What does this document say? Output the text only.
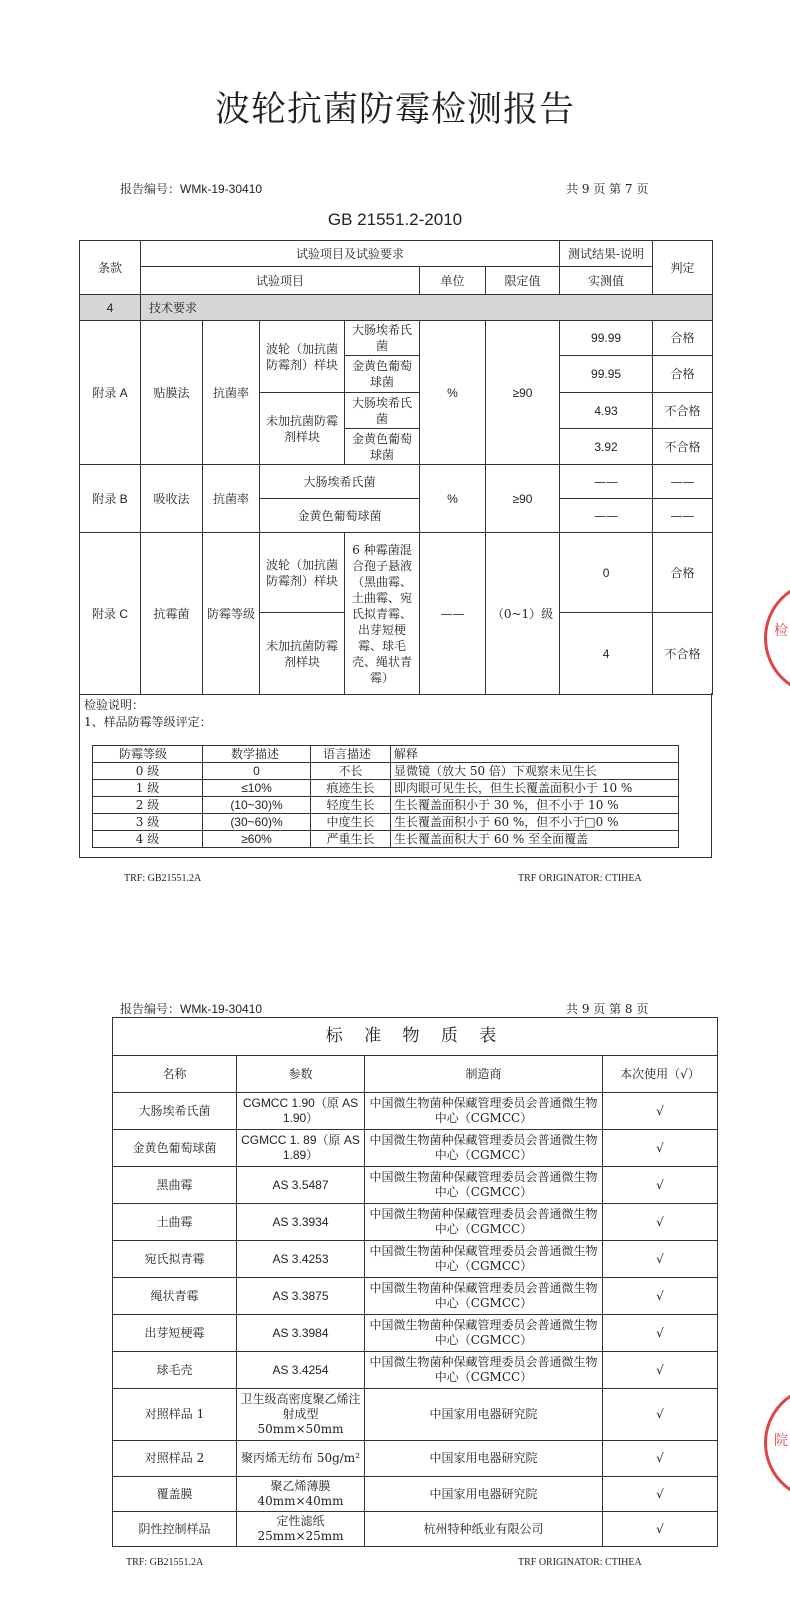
波轮抗菌防霉检测报告
报告编号：WMk-19-30410	共 9 页 第 7 页
GB 21551.2-2010
条款	试验项目及试验要求						测试结果-说明	判定
	试验项目				单位	限定值	实测值	
4	技术要求							
附录 A	贴膜法	抗菌率	波轮（加抗菌防霉剂）样块	大肠埃希氏菌	%	≥90	99.99	合格
				金黄色葡萄球菌			99.95	合格
			未加抗菌防霉剂样块	大肠埃希氏菌			4.93	不合格
				金黄色葡萄球菌			3.92	不合格
附录 B	吸收法	抗菌率	大肠埃希氏菌		%	≥90	——	——
			金黄色葡萄球菌				——	——
附录 C	抗霉菌	防霉等级	波轮（加抗菌防霉剂）样块	6 种霉菌混合孢子悬液（黑曲霉、土曲霉、宛氏拟青霉、出芽短梗霉、球毛壳、绳状青霉）	——	（0~1）级	0	合格
			未加抗菌防霉剂样块				4	不合格
检验说明：
1、样品防霉等级评定：
防霉等级	数学描述	语言描述	解释
0 级	0	不长	显微镜（放大 50 倍）下观察未见生长
1 级	≤10%	痕迹生长	即肉眼可见生长，但生长覆盖面积小于 10 %
2 级	(10~30)%	轻度生长	生长覆盖面积小于 30 %，但不小于 10 %
3 级	(30~60)%	中度生长	生长覆盖面积小于 60 %，但不小于□0 %
4 级	≥60%	严重生长	生长覆盖面积大于 60 % 至全面覆盖
TRF: GB21551.2A	TRF ORIGINATOR: CTIHEA
检
院
报告编号：WMk-19-30410	共 9 页 第 8 页
标 准 物 质 表			
名称	参数	制造商	本次使用（√）
大肠埃希氏菌	CGMCC 1.90（原 AS 1.90）	中国微生物菌种保藏管理委员会普通微生物中心（CGMCC）	√
金黄色葡萄球菌	CGMCC 1. 89（原 AS 1.89）	中国微生物菌种保藏管理委员会普通微生物中心（CGMCC）	√
黑曲霉	AS 3.5487	中国微生物菌种保藏管理委员会普通微生物中心（CGMCC）	√
土曲霉	AS 3.3934	中国微生物菌种保藏管理委员会普通微生物中心（CGMCC）	√
宛氏拟青霉	AS 3.4253	中国微生物菌种保藏管理委员会普通微生物中心（CGMCC）	√
绳状青霉	AS 3.3875	中国微生物菌种保藏管理委员会普通微生物中心（CGMCC）	√
出芽短梗霉	AS 3.3984	中国微生物菌种保藏管理委员会普通微生物中心（CGMCC）	√
球毛壳	AS 3.4254	中国微生物菌种保藏管理委员会普通微生物中心（CGMCC）	√
对照样品 1	卫生级高密度聚乙烯注射成型 50mm×50mm	中国家用电器研究院	√
对照样品 2	聚丙烯无纺布 50g/m²	中国家用电器研究院	√
覆盖膜	聚乙烯薄膜 40mm×40mm	中国家用电器研究院	√
阴性控制样品	定性滤纸 25mm×25mm	杭州特种纸业有限公司	√
TRF: GB21551.2A	TRF ORIGINATOR: CTIHEA
